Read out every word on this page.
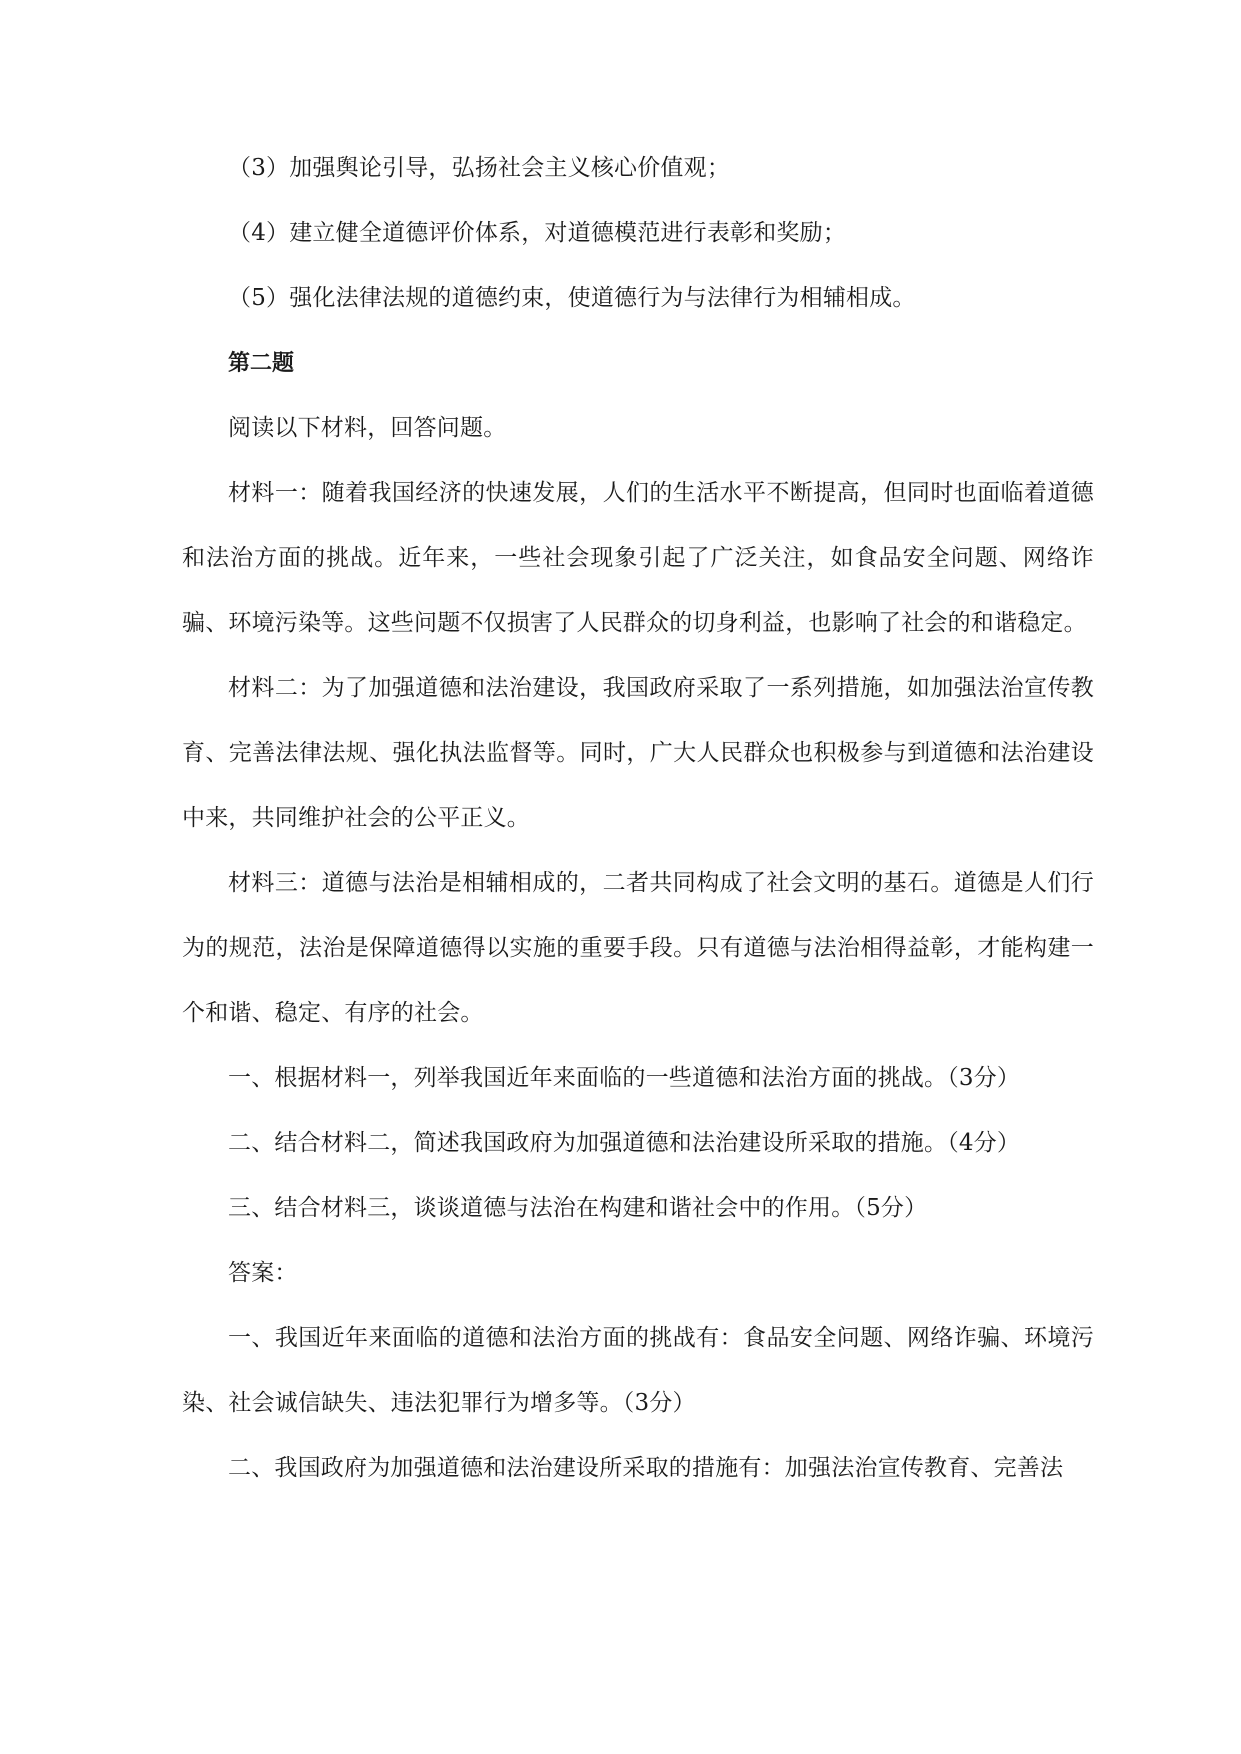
（3）加强舆论引导，弘扬社会主义核心价值观；

（4）建立健全道德评价体系，对道德模范进行表彰和奖励；

（5）强化法律法规的道德约束，使道德行为与法律行为相辅相成。

第二题

阅读以下材料，回答问题。

材料一：随着我国经济的快速发展，人们的生活水平不断提高，但同时也面临着道德和法治方面的挑战。近年来，一些社会现象引起了广泛关注，如食品安全问题、网络诈骗、环境污染等。这些问题不仅损害了人民群众的切身利益，也影响了社会的和谐稳定。

材料二：为了加强道德和法治建设，我国政府采取了一系列措施，如加强法治宣传教育、完善法律法规、强化执法监督等。同时，广大人民群众也积极参与到道德和法治建设中来，共同维护社会的公平正义。

材料三：道德与法治是相辅相成的，二者共同构成了社会文明的基石。道德是人们行为的规范，法治是保障道德得以实施的重要手段。只有道德与法治相得益彰，才能构建一个和谐、稳定、有序的社会。

一、根据材料一，列举我国近年来面临的一些道德和法治方面的挑战。（3分）

二、结合材料二，简述我国政府为加强道德和法治建设所采取的措施。（4分）

三、结合材料三，谈谈道德与法治在构建和谐社会中的作用。（5分）

答案：

一、我国近年来面临的道德和法治方面的挑战有：食品安全问题、网络诈骗、环境污染、社会诚信缺失、违法犯罪行为增多等。（3分）

二、我国政府为加强道德和法治建设所采取的措施有：加强法治宣传教育、完善法
